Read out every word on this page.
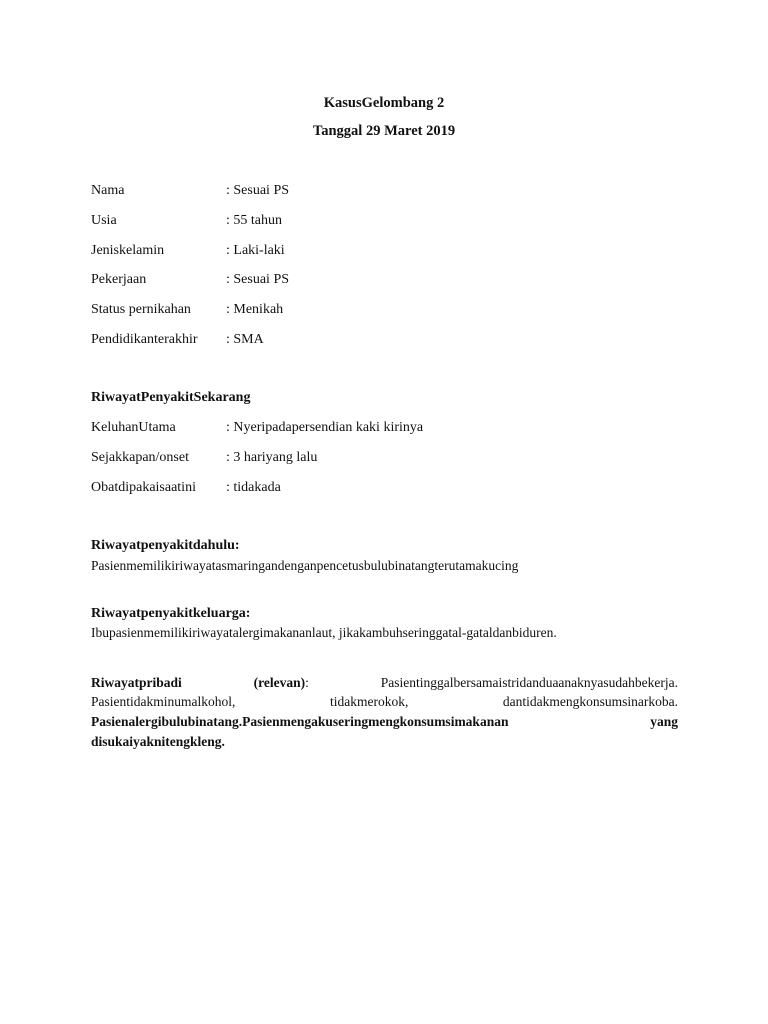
KasusGelombang 2
Tanggal 29 Maret 2019
Nama	: Sesuai PS
Usia	: 55 tahun
Jeniskelamin	: Laki-laki
Pekerjaan	: Sesuai PS
Status pernikahan	: Menikah
Pendidikanterakhir : SMA
RiwayatPenyakitSekarang
KeluhanUtama	: Nyeripadapersendian kaki kirinya
Sejakkapan/onset	: 3 hariyang lalu
Obatdipakaisaatini : tidakada
Riwayatpenyakitdahulu:
Pasienmemilikiriwayatasmaringandenganpencetusbulubinatangterutamakucing
Riwayatpenyakitkeluarga:
Ibupasienmemilikiriwayatalergimakananlaut, jikakambuhseringgatal-gataldanbiduren.
Riwayatpribadi	(relevan):	Pasientinggalbersamaistridanduaanaknyasudahbekerja.
Pasientidakminumalkohol,	tidakmerokok,	dantidakmengkonsumsinarkoba.
Pasienalergibulubinatang.Pasienmengakuseringmengkonsumsimakanan	yang
disukaiyaknitengkleng.
